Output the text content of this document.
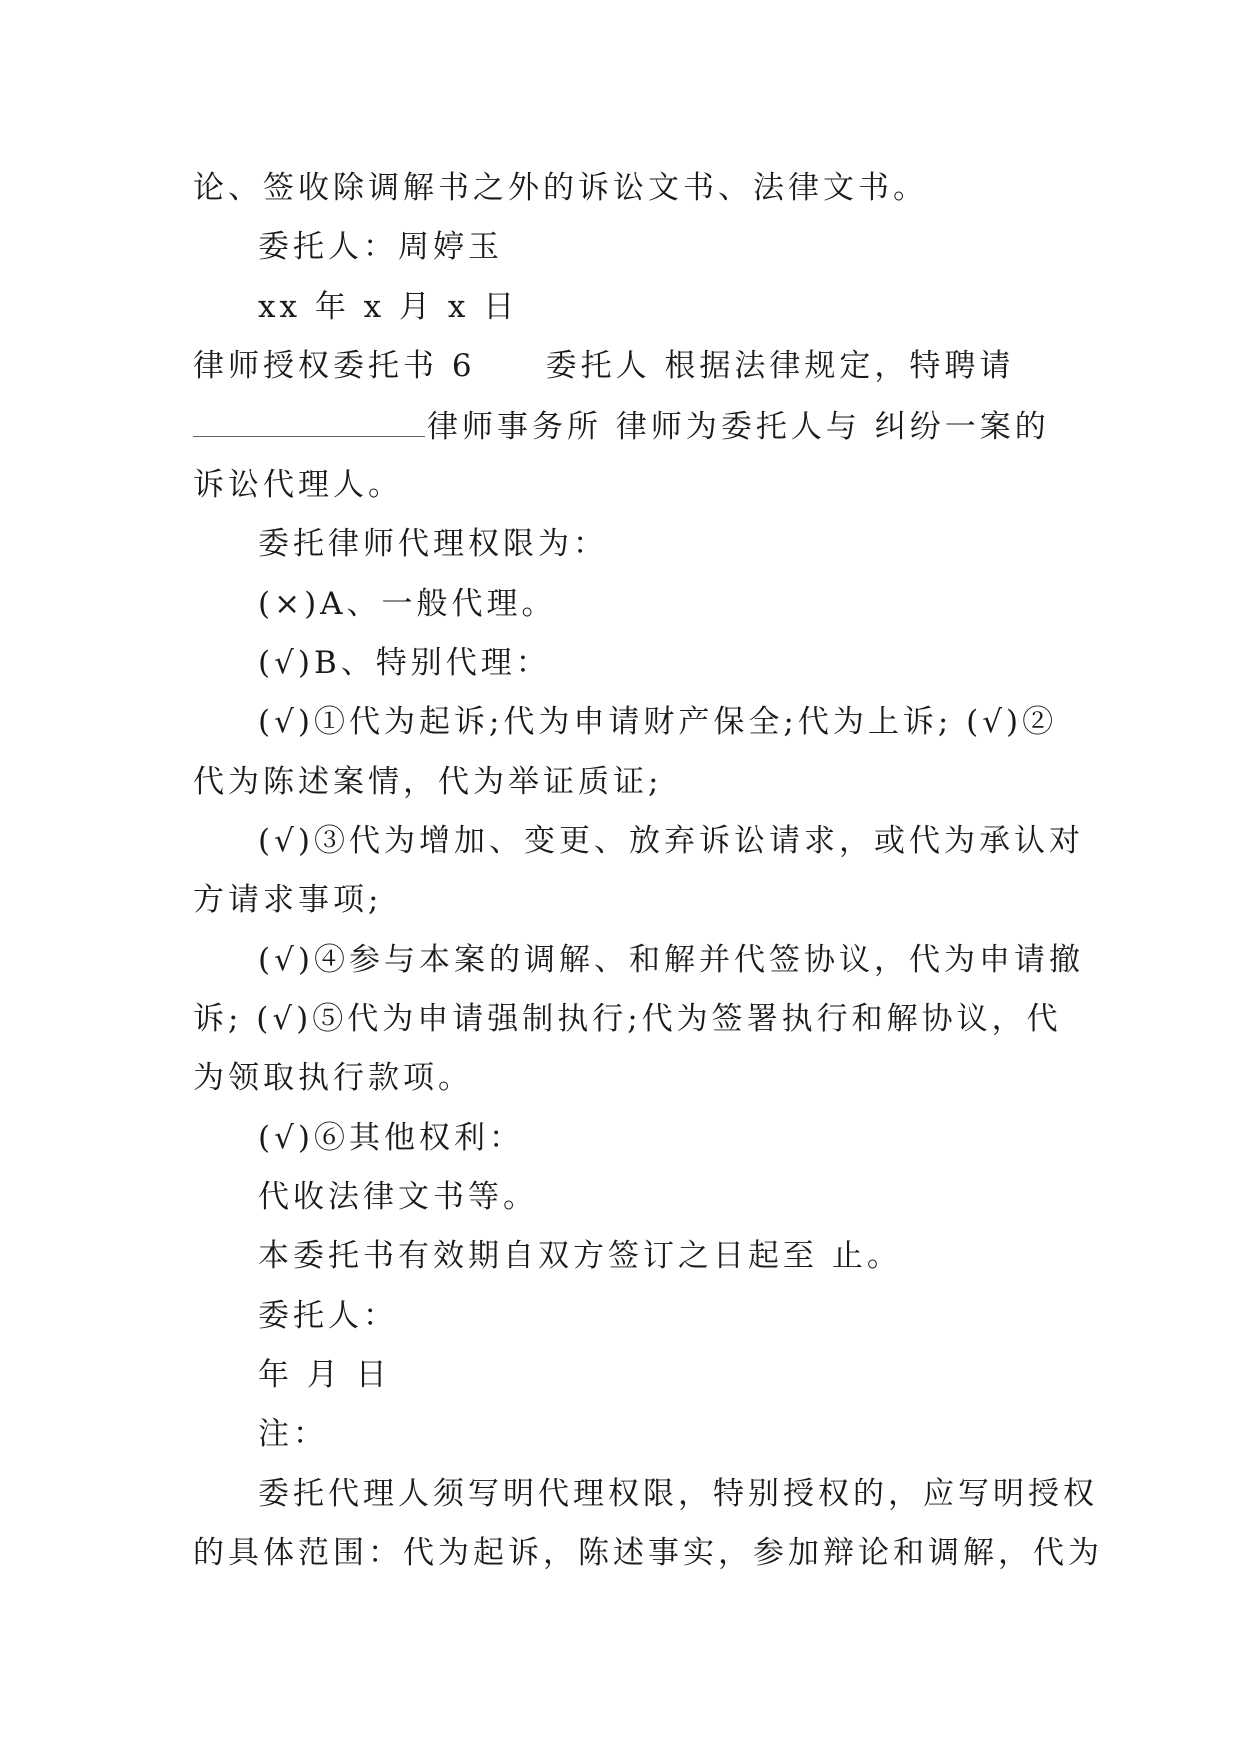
论、签收除调解书之外的诉讼文书、法律文书。
委托人：周婷玉
xx 年 x 月 x 日
律师授权委托书 6 委托人 根据法律规定，特聘请
律师事务所 律师为委托人与 纠纷一案的
诉讼代理人。
委托律师代理权限为：
(×)A、一般代理。
(√)B、特别代理：
(√)①代为起诉;代为申请财产保全;代为上诉; (√)②
代为陈述案情，代为举证质证;
(√)③代为增加、变更、放弃诉讼请求，或代为承认对
方请求事项;
(√)④参与本案的调解、和解并代签协议，代为申请撤
诉; (√)⑤代为申请强制执行;代为签署执行和解协议，代
为领取执行款项。
(√)⑥其他权利：
代收法律文书等。
本委托书有效期自双方签订之日起至 止。
委托人：
年 月 日
注：
委托代理人须写明代理权限，特别授权的，应写明授权
的具体范围：代为起诉，陈述事实，参加辩论和调解，代为
